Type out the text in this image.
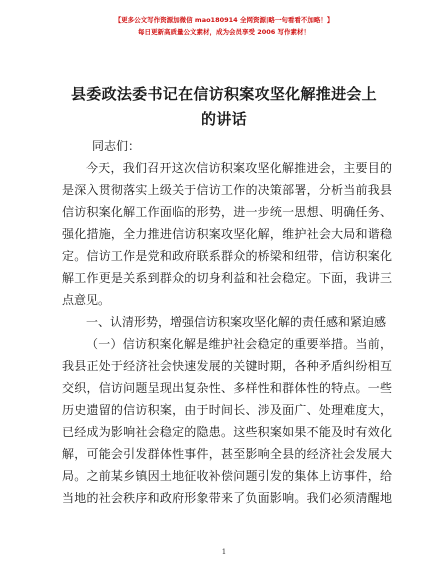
【更多公文写作资源加微信 mao180914 全网资源|略一句看看不加略！】
每日更新高质量公文素材，成为会员享受 2006 写作素材！
县委政法委书记在信访积案攻坚化解推进会上
的讲话
同志们：
今天，我们召开这次信访积案攻坚化解推进会，主要目的
是深入贯彻落实上级关于信访工作的决策部署，分析当前我县
信访积案化解工作面临的形势，进一步统一思想、明确任务、
强化措施，全力推进信访积案攻坚化解，维护社会大局和谐稳
定。信访工作是党和政府联系群众的桥梁和纽带，信访积案化
解工作更是关系到群众的切身利益和社会稳定。下面，我讲三
点意见。
一、认清形势，增强信访积案攻坚化解的责任感和紧迫感
（一）信访积案化解是维护社会稳定的重要举措。当前，
我县正处于经济社会快速发展的关键时期，各种矛盾纠纷相互
交织，信访问题呈现出复杂性、多样性和群体性的特点。一些
历史遗留的信访积案，由于时间长、涉及面广、处理难度大，
已经成为影响社会稳定的隐患。这些积案如果不能及时有效化
解，可能会引发群体性事件，甚至影响全县的经济社会发展大
局。之前某乡镇因土地征收补偿问题引发的集体上访事件，给
当地的社会秩序和政府形象带来了负面影响。我们必须清醒地
1
